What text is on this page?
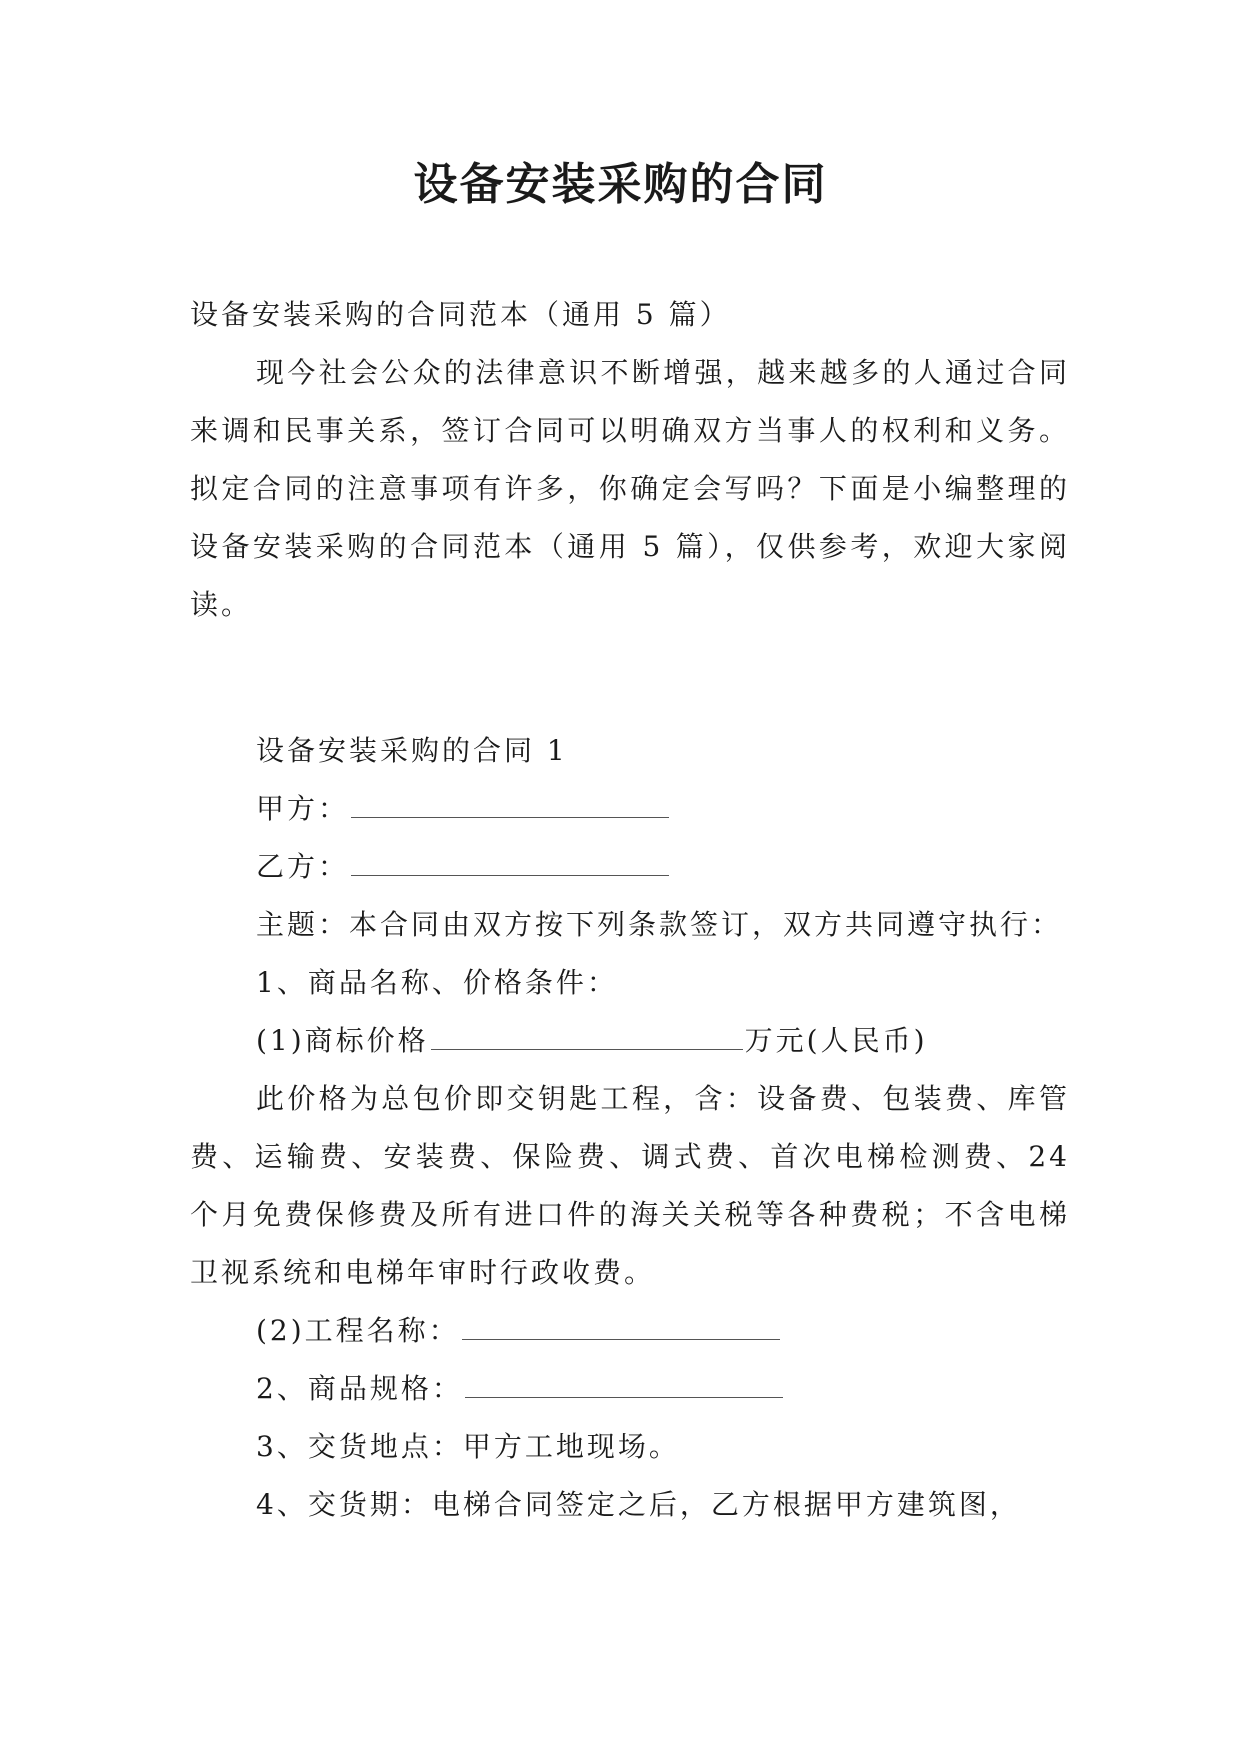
设备安装采购的合同

设备安装采购的合同范本（通用 5 篇）

现今社会公众的法律意识不断增强，越来越多的人通过合同来调和民事关系，签订合同可以明确双方当事人的权利和义务。拟定合同的注意事项有许多，你确定会写吗？下面是小编整理的设备安装采购的合同范本（通用 5 篇），仅供参考，欢迎大家阅读。

设备安装采购的合同 1

甲方：

乙方：

主题：本合同由双方按下列条款签订，双方共同遵守执行：

1、商品名称、价格条件：

(1)商标价格	万元(人民币)

此价格为总包价即交钥匙工程，含：设备费、包装费、库管费、运输费、安装费、保险费、调式费、首次电梯检测费、24 个月免费保修费及所有进口件的海关关税等各种费税；不含电梯卫视系统和电梯年审时行政收费。

(2)工程名称：

2、商品规格：

3、交货地点：甲方工地现场。

4、交货期：电梯合同签定之后，乙方根据甲方建筑图，
